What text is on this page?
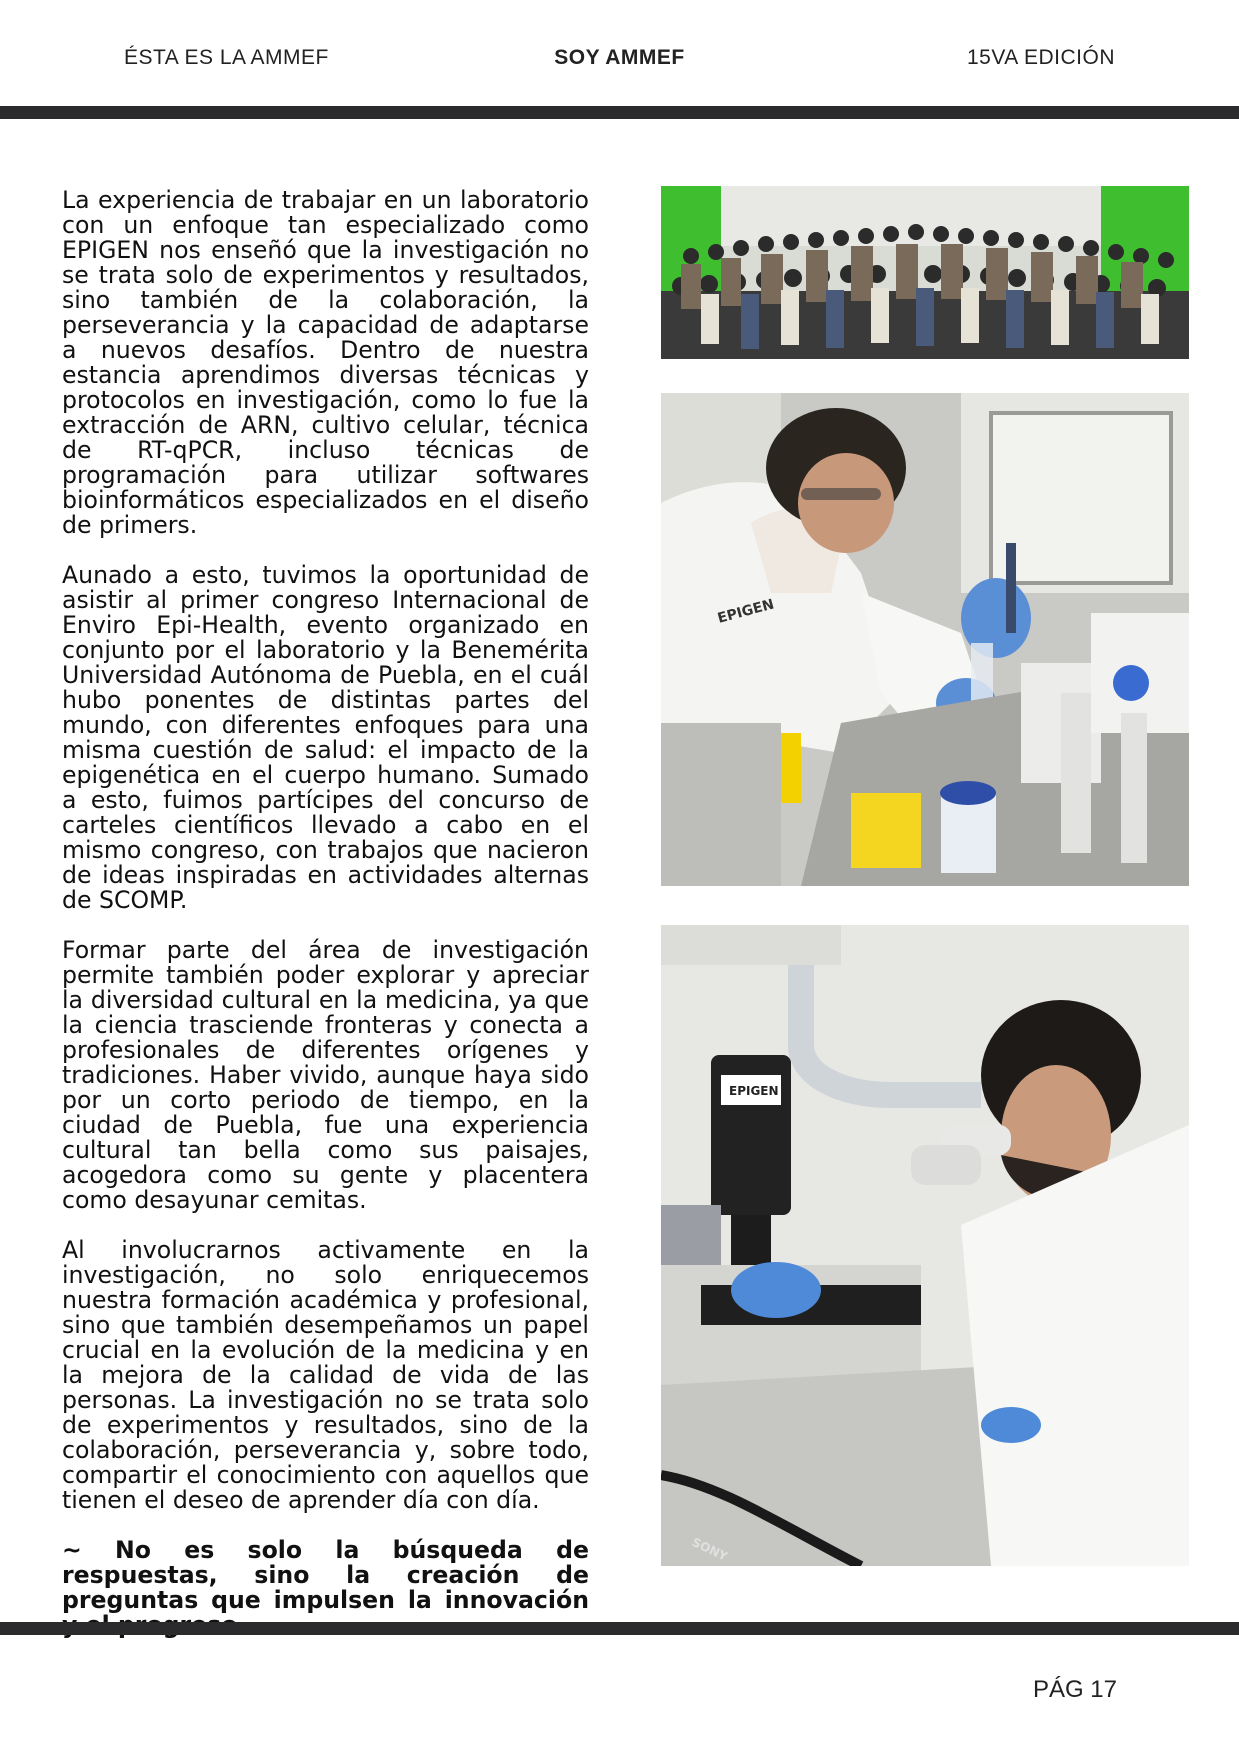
ÉSTA ES LA AMMEF	SOY AMMEF	15VA EDICIÓN

La experiencia de trabajar en un laboratorio con un enfoque tan especializado como EPIGEN nos enseñó que la investigación no se trata solo de experimentos y resultados, sino también de la colaboración, la perseverancia y la capacidad de adaptarse a nuevos desafíos. Dentro de nuestra estancia aprendimos diversas técnicas y protocolos en investigación, como lo fue la extracción de ARN, cultivo celular, técnica de RT-qPCR, incluso técnicas de programación para utilizar softwares bioinformáticos especializados en el diseño de primers.

Aunado a esto, tuvimos la oportunidad de asistir al primer congreso Internacional de Enviro Epi-Health, evento organizado en conjunto por el laboratorio y la Benemérita Universidad Autónoma de Puebla, en el cuál hubo ponentes de distintas partes del mundo, con diferentes enfoques para una misma cuestión de salud: el impacto de la epigenética en el cuerpo humano. Sumado a esto, fuimos partícipes del concurso de carteles científicos llevado a cabo en el mismo congreso, con trabajos que nacieron de ideas inspiradas en actividades alternas de SCOMP.

Formar parte del área de investigación permite también poder explorar y apreciar la diversidad cultural en la medicina, ya que la ciencia trasciende fronteras y conecta a profesionales de diferentes orígenes y tradiciones. Haber vivido, aunque haya sido por un corto periodo de tiempo, en la ciudad de Puebla, fue una experiencia cultural tan bella como sus paisajes, acogedora como su gente y placentera como desayunar cemitas.

Al involucrarnos activamente en la investigación, no solo enriquecemos nuestra formación académica y profesional, sino que también desempeñamos un papel crucial en la evolución de la medicina y en la mejora de la calidad de vida de las personas. La investigación no se trata solo de experimentos y resultados, sino de la colaboración, perseverancia y, sobre todo, compartir el conocimiento con aquellos que tienen el deseo de aprender día con día.

~ No es solo la búsqueda de respuestas, sino la creación de preguntas que impulsen la innovación

EPIGEN
EPIGEN
SONY
PÁG 17
